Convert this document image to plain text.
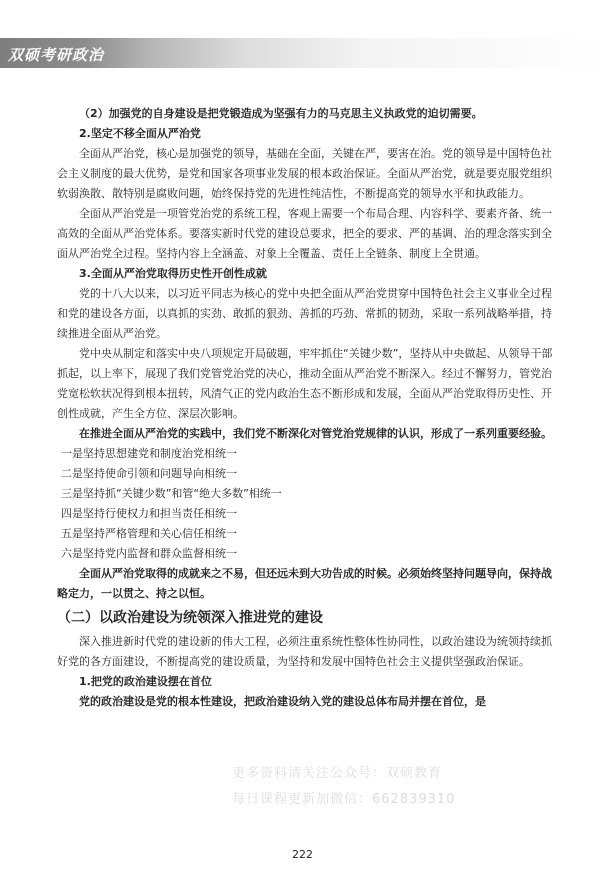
双硕考研政治

（2）加强党的自身建设是把党锻造成为坚强有力的马克思主义执政党的迫切需要。

2.坚定不移全面从严治党

全面从严治党，核心是加强党的领导，基础在全面，关键在严，要害在治。党的领导是中国特色社会主义制度的最大优势，是党和国家各项事业发展的根本政治保证。全面从严治党，就是要克服党组织软弱涣散、散特别是腐败问题，始终保持党的先进性纯洁性，不断提高党的领导水平和执政能力。

全面从严治党是一项管党治党的系统工程，客观上需要一个布局合理、内容科学、要素齐备、统一高效的全面从严治党体系。要落实新时代党的建设总要求，把全的要求、严的基调、治的理念落实到全面从严治党全过程。坚持内容上全涵盖、对象上全覆盖、责任上全链条、制度上全贯通。

3.全面从严治党取得历史性开创性成就

党的十八大以来，以习近平同志为核心的党中央把全面从严治党贯穿中国特色社会主义事业全过程和党的建设各方面，以真抓的实劲、敢抓的狠劲、善抓的巧劲、常抓的韧劲，采取一系列战略举措，持续推进全面从严治党。

党中央从制定和落实中央八项规定开局破题，牢牢抓住“关键少数”，坚持从中央做起、从领导干部抓起，以上率下，展现了我们党管党治党的决心，推动全面从严治党不断深入。经过不懈努力，管党治党宽松软状况得到根本扭转，风清气正的党内政治生态不断形成和发展，全面从严治党取得历史性、开创性成就，产生全方位、深层次影响。

在推进全面从严治党的实践中，我们党不断深化对管党治党规律的认识，形成了一系列重要经验。

一是坚持思想建党和制度治党相统一

二是坚持使命引领和问题导向相统一

三是坚持抓“关键少数”和管“绝大多数”相统一

四是坚持行使权力和担当责任相统一

五是坚持严格管理和关心信任相统一

六是坚持党内监督和群众监督相统一

全面从严治党取得的成就来之不易，但还远未到大功告成的时候。必须始终坚持问题导向，保持战略定力，一以贯之、持之以恒。

（二）以政治建设为统领深入推进党的建设

深入推进新时代党的建设新的伟大工程，必须注重系统性整体性协同性，以政治建设为统领持续抓好党的各方面建设，不断提高党的建设质量，为坚持和发展中国特色社会主义提供坚强政治保证。

1.把党的政治建设摆在首位

党的政治建设是党的根本性建设，把政治建设纳入党的建设总体布局并摆在首位，是

更多资料请关注公众号：双硕教育
每日课程更新加微信：662839310
222
